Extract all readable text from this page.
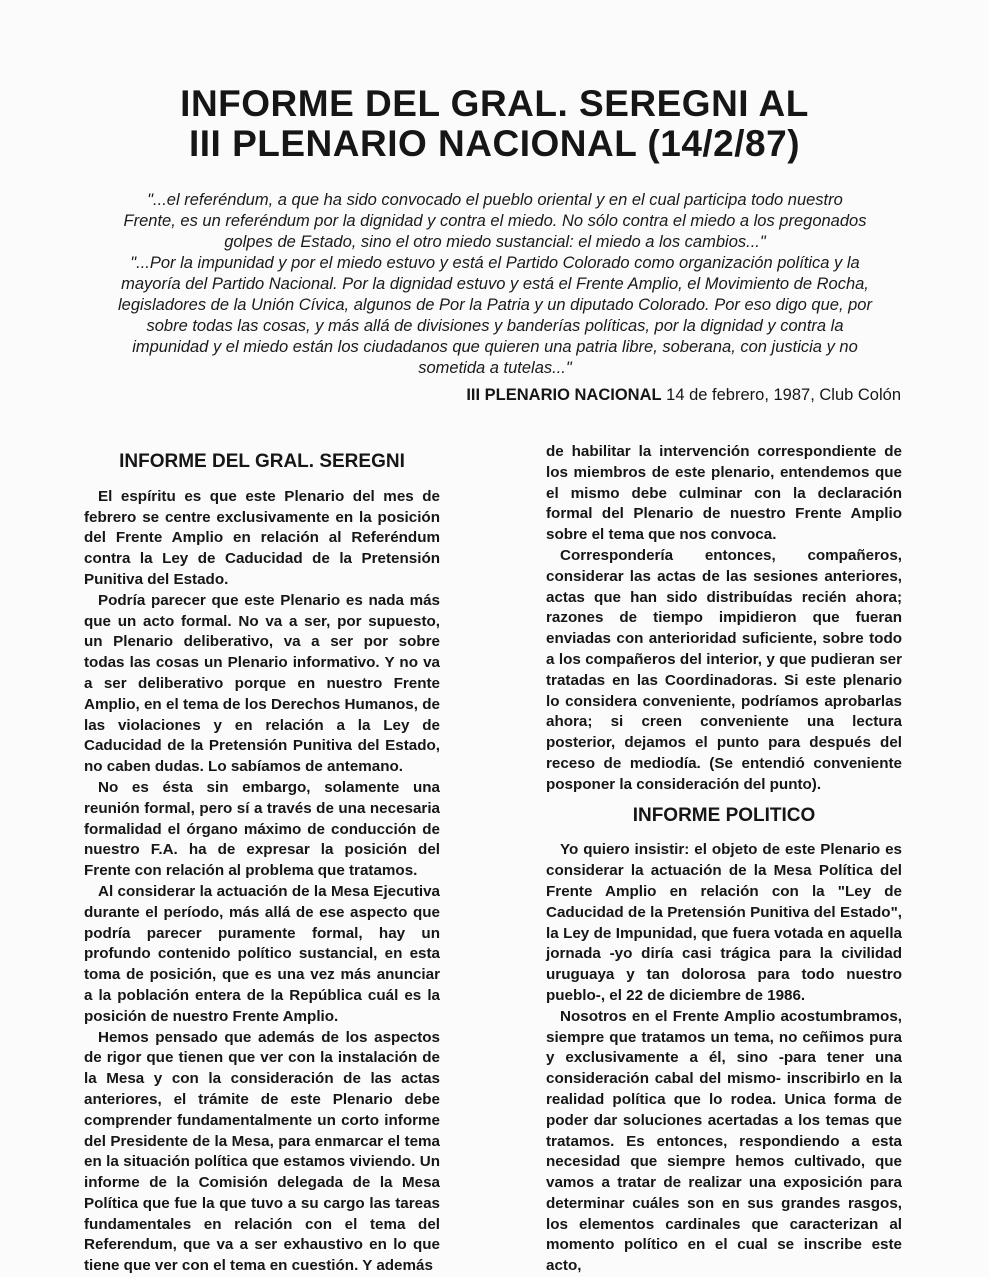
INFORME DEL GRAL. SEREGNI AL
III PLENARIO NACIONAL (14/2/87)
"...el referéndum, a que ha sido convocado el pueblo oriental y en el cual participa todo nuestro
Frente, es un referéndum por la dignidad y contra el miedo. No sólo contra el miedo a los pregonados
golpes de Estado, sino el otro miedo sustancial: el miedo a los cambios..."
"...Por la impunidad y por el miedo estuvo y está el Partido Colorado como organización política y la
mayoría del Partido Nacional. Por la dignidad estuvo y está el Frente Amplio, el Movimiento de Rocha,
legisladores de la Unión Cívica, algunos de Por la Patria y un diputado Colorado. Por eso digo que, por
sobre todas las cosas, y más allá de divisiones y banderías políticas, por la dignidad y contra la
impunidad y el miedo están los ciudadanos que quieren una patria libre, soberana, con justicia y no
sometida a tutelas..."
III PLENARIO NACIONAL 14 de febrero, 1987, Club Colón
INFORME DEL GRAL. SEREGNI

El espíritu es que este Plenario del mes de febrero se centre exclusivamente en la posición del Frente Amplio en relación al Referéndum contra la Ley de Caducidad de la Pretensión Punitiva del Estado.

Podría parecer que este Plenario es nada más que un acto formal. No va a ser, por supuesto, un Plenario deliberativo, va a ser por sobre todas las cosas un Plenario informativo. Y no va a ser deliberativo porque en nuestro Frente Amplio, en el tema de los Derechos Humanos, de las violaciones y en relación a la Ley de Caducidad de la Pretensión Punitiva del Estado, no caben dudas. Lo sabíamos de antemano.

No es ésta sin embargo, solamente una reunión formal, pero sí a través de una necesaria formalidad el órgano máximo de conducción de nuestro F.A. ha de expresar la posición del Frente con relación al problema que tratamos.

Al considerar la actuación de la Mesa Ejecutiva durante el período, más allá de ese aspecto que podría parecer puramente formal, hay un profundo contenido político sustancial, en esta toma de posición, que es una vez más anunciar a la población entera de la República cuál es la posición de nuestro Frente Amplio.

Hemos pensado que además de los aspectos de rigor que tienen que ver con la instalación de la Mesa y con la consideración de las actas anteriores, el trámite de este Plenario debe comprender fundamentalmente un corto informe del Presidente de la Mesa, para enmarcar el tema en la situación política que estamos viviendo. Un informe de la Comisión delegada de la Mesa Política que fue la que tuvo a su cargo las tareas fundamentales en relación con el tema del Referendum, que va a ser exhaustivo en lo que tiene que ver con el tema en cuestión. Y además

de habilitar la intervención correspondiente de los miembros de este plenario, entendemos que el mismo debe culminar con la declaración formal del Plenario de nuestro Frente Amplio sobre el tema que nos convoca.

Correspondería entonces, compañeros, considerar las actas de las sesiones anteriores, actas que han sido distribuídas recién ahora; razones de tiempo impidieron que fueran enviadas con anterioridad suficiente, sobre todo a los compañeros del interior, y que pudieran ser tratadas en las Coordinadoras. Si este plenario lo considera conveniente, podríamos aprobarlas ahora; si creen conveniente una lectura posterior, dejamos el punto para después del receso de mediodía. (Se entendió conveniente posponer la consideración del punto).

INFORME POLITICO

Yo quiero insistir: el objeto de este Plenario es considerar la actuación de la Mesa Política del Frente Amplio en relación con la "Ley de Caducidad de la Pretensión Punitiva del Estado", la Ley de Impunidad, que fuera votada en aquella jornada -yo diría casi trágica para la civilidad uruguaya y tan dolorosa para todo nuestro pueblo-, el 22 de diciembre de 1986.

Nosotros en el Frente Amplio acostumbramos, siempre que tratamos un tema, no ceñimos pura y exclusivamente a él, sino -para tener una consideración cabal del mismo- inscribirlo en la realidad política que lo rodea. Unica forma de poder dar soluciones acertadas a los temas que tratamos. Es entonces, respondiendo a esta necesidad que siempre hemos cultivado, que vamos a tratar de realizar una exposición para determinar cuáles son en sus grandes rasgos, los elementos cardinales que caracterizan al momento político en el cual se inscribe este acto,
